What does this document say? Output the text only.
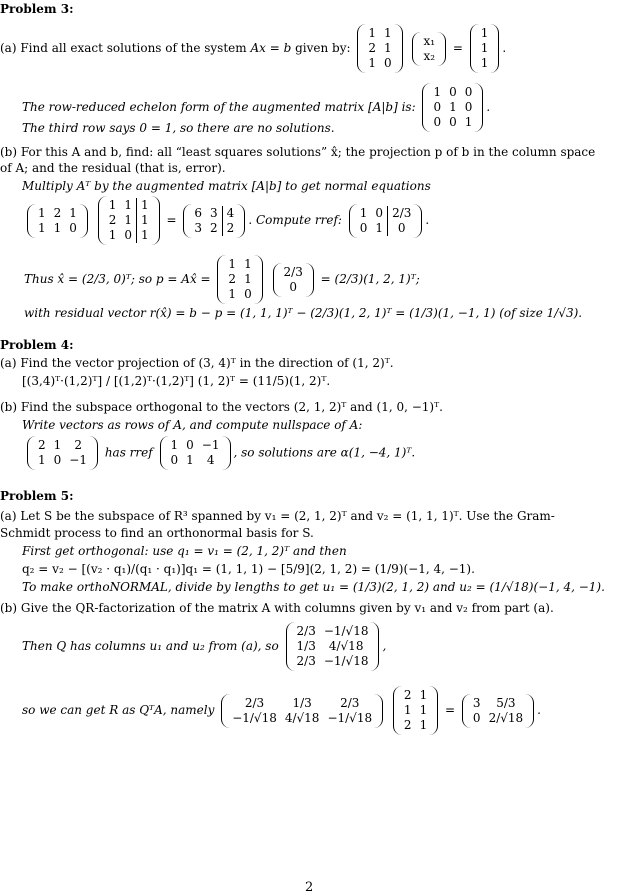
Problem 3:
(a) Find all exact solutions of the system Ax = b given by:
1	1
2	1
1	0

x₁
x₂
=
1
1
1
.
The row-reduced echelon form of the augmented matrix [A|b] is:
1	0	0
0	1	0
0	0	1
.
The third row says 0 = 1, so there are no solutions.
(b) For this A and b, find: all “least squares solutions” x̂; the projection p of b in the column space
of A; and the residual (that is, error).
Multiply Aᵀ by the augmented matrix [A|b] to get normal equations
1	2	1
1	1	0

1	1	1
2	1	1
1	0	1
=
6	3	4
3	2	2
. Compute rref:
1	0	2/3
0	1	0
.
Thus x̂ = (2/3, 0)ᵀ; so p = Ax̂ =
1	1
2	1
1	0

2/3
0
= (2/3)(1, 2, 1)ᵀ;
with residual vector r(x̂) = b − p = (1, 1, 1)ᵀ − (2/3)(1, 2, 1)ᵀ = (1/3)(1, −1, 1) (of size 1/√3).
Problem 4:
(a) Find the vector projection of (3, 4)ᵀ in the direction of (1, 2)ᵀ.
[(3,4)ᵀ·(1,2)ᵀ] / [(1,2)ᵀ·(1,2)ᵀ] (1, 2)ᵀ = (11/5)(1, 2)ᵀ.
(b) Find the subspace orthogonal to the vectors (2, 1, 2)ᵀ and (1, 0, −1)ᵀ.
Write vectors as rows of A, and compute nullspace of A:
2	1	2
1	0	−1
has rref
1	0	−1
0	1	4
, so solutions are α(1, −4, 1)ᵀ.
Problem 5:
(a) Let S be the subspace of R³ spanned by v₁ = (2, 1, 2)ᵀ and v₂ = (1, 1, 1)ᵀ. Use the Gram-
Schmidt process to find an orthonormal basis for S.
First get orthogonal: use q₁ = v₁ = (2, 1, 2)ᵀ and then
q₂ = v₂ − [(v₂ · q₁)/(q₁ · q₁)]q₁ = (1, 1, 1) − [5/9](2, 1, 2) = (1/9)(−1, 4, −1).
To make orthoNORMAL, divide by lengths to get u₁ = (1/3)(2, 1, 2) and u₂ = (1/√18)(−1, 4, −1).
(b) Give the QR-factorization of the matrix A with columns given by v₁ and v₂ from part (a).
Then Q has columns u₁ and u₂ from (a), so
2/3	−1/√18
1/3	4/√18
2/3	−1/√18
,
so we can get R as QᵀA, namely
2/3	1/3	2/3
−1/√18	4/√18	−1/√18

2	1
1	1
2	1
=
3	5/3
0	2/√18
.
2
